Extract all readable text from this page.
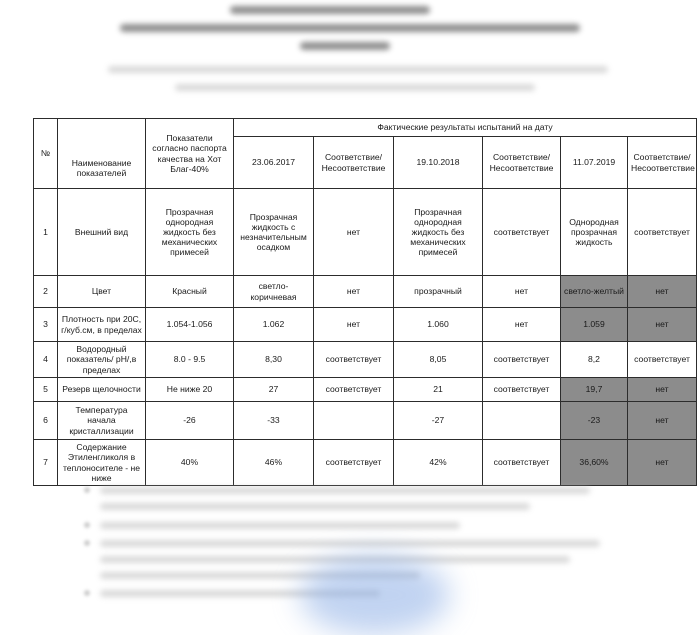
№	Наименование показателей	Показатели согласно паспорта качества на Хот Благ-40%	Фактические результаты испытаний на дату					
			23.06.2017	Соответствие/ Несоответствие	19.10.2018	Соответствие/ Несоответствие	11.07.2019	Соответствие/ Несоответствие
1	Внешний вид	Прозрачная однородная жидкость без механических примесей	Прозрачная жидкость с незначительным осадком	нет	Прозрачная однородная жидкость без механических примесей	соответствует	Однородная прозрачная жидкость	соответствует
2	Цвет	Красный	светло-коричневая	нет	прозрачный	нет	светло-желтый	нет
3	Плотность при 20С, г/куб.см, в пределах	1.054-1.056	1.062	нет	1.060	нет	1.059	нет
4	Водородный показатель/ pH/,в пределах	8.0 - 9.5	8,30	соответствует	8,05	соответствует	8,2	соответствует
5	Резерв щелочности	Не ниже 20	27	соответствует	21	соответствует	19,7	нет
6	Температура начала кристаллизации	-26	-33		-27		-23	нет
7	Содержание Этиленгликоля в теплоносителе - не ниже	40%	46%	соответствует	42%	соответствует	36,60%	нет
